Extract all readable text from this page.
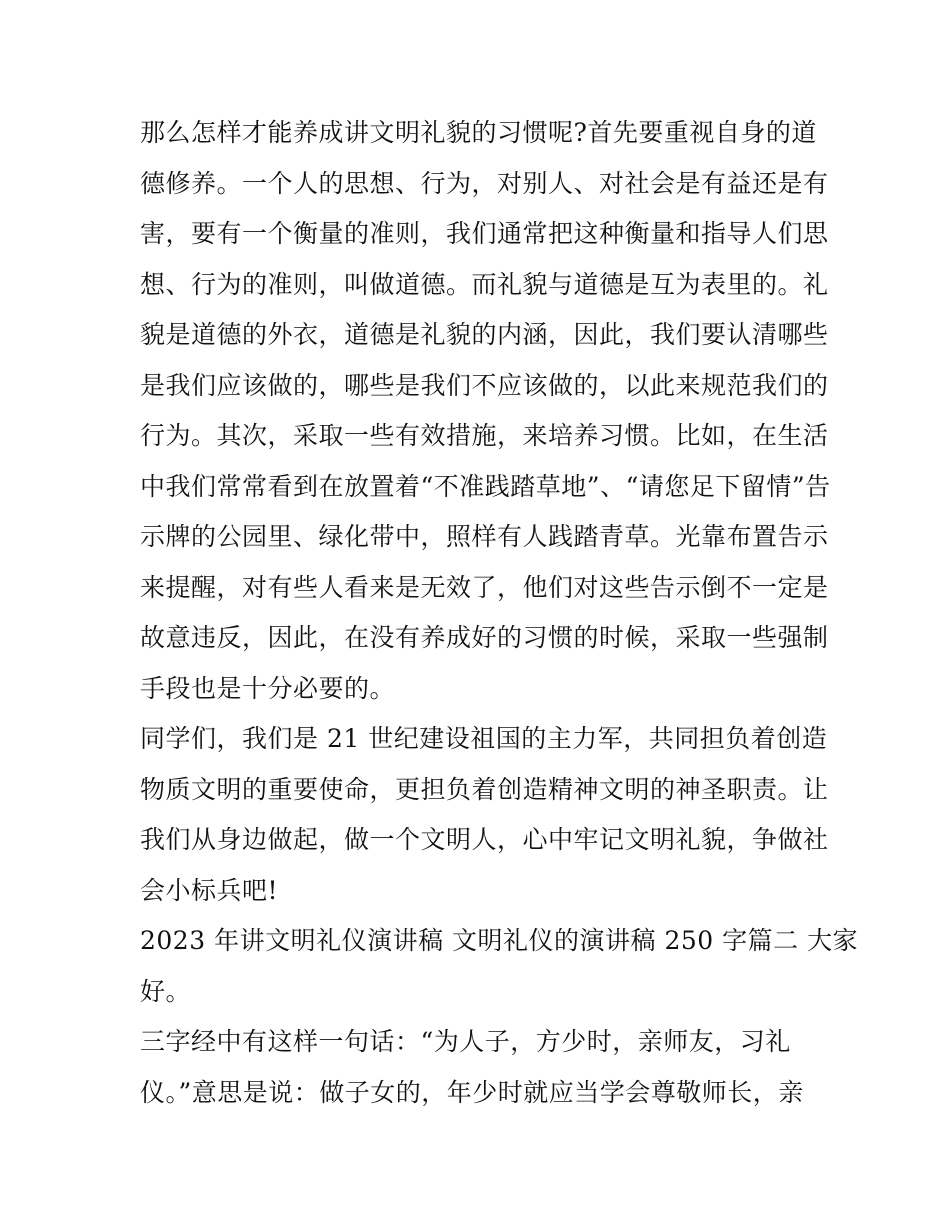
那么怎样才能养成讲文明礼貌的习惯呢?首先要重视自身的道
德修养。一个人的思想、行为，对别人、对社会是有益还是有
害，要有一个衡量的准则，我们通常把这种衡量和指导人们思
想、行为的准则，叫做道德。而礼貌与道德是互为表里的。礼
貌是道德的外衣，道德是礼貌的内涵，因此，我们要认清哪些
是我们应该做的，哪些是我们不应该做的，以此来规范我们的
行为。其次，采取一些有效措施，来培养习惯。比如，在生活
中我们常常看到在放置着“不准践踏草地”、“请您足下留情”告
示牌的公园里、绿化带中，照样有人践踏青草。光靠布置告示
来提醒，对有些人看来是无效了，他们对这些告示倒不一定是
故意违反，因此，在没有养成好的习惯的时候，采取一些强制
手段也是十分必要的。
同学们，我们是 21 世纪建设祖国的主力军，共同担负着创造
物质文明的重要使命，更担负着创造精神文明的神圣职责。让
我们从身边做起，做一个文明人，心中牢记文明礼貌，争做社
会小标兵吧!
2023 年讲文明礼仪演讲稿 文明礼仪的演讲稿 250 字篇二 大家
好。
三字经中有这样一句话：“为人子，方少时，亲师友，习礼
仪。”意思是说：做子女的，年少时就应当学会尊敬师长，亲
